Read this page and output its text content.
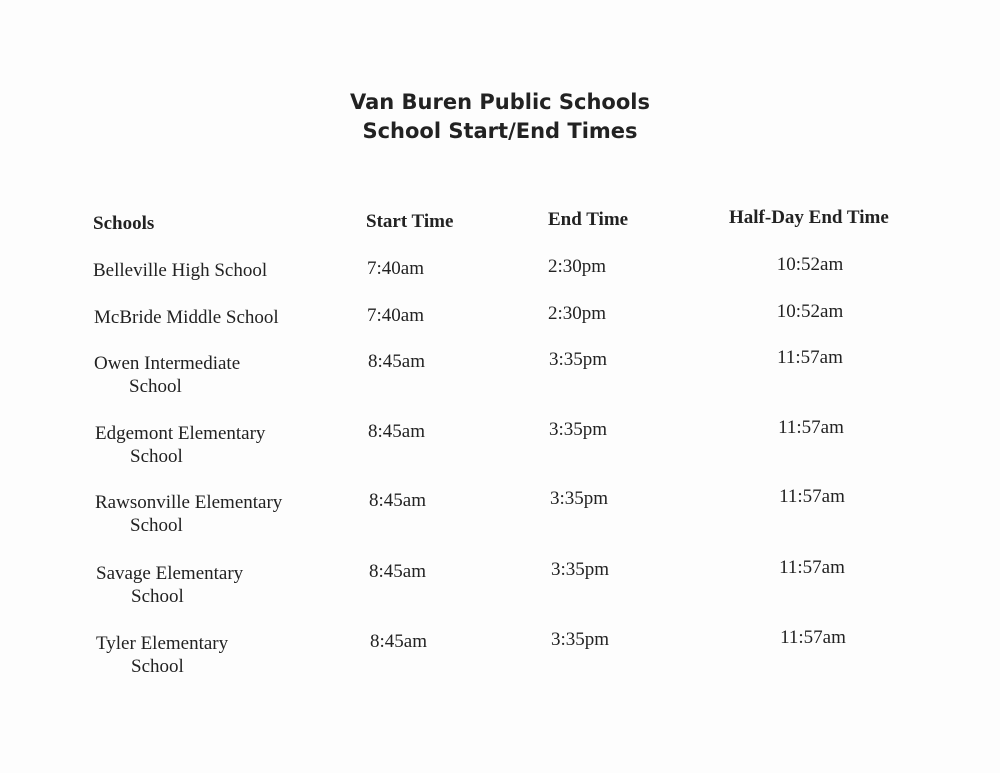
Van Buren Public Schools
School Start/End Times
Schools	Start Time	End Time	Half-Day End Time
Belleville High School	7:40am	2:30pm	10:52am
McBride Middle School	7:40am	2:30pm	10:52am
Owen Intermediate
School
8:45am	3:35pm	11:57am
Edgemont Elementary
School
8:45am	3:35pm	11:57am
Rawsonville Elementary
School
8:45am	3:35pm	11:57am
Savage Elementary
School
8:45am	3:35pm	11:57am
Tyler Elementary
School
8:45am	3:35pm	11:57am
